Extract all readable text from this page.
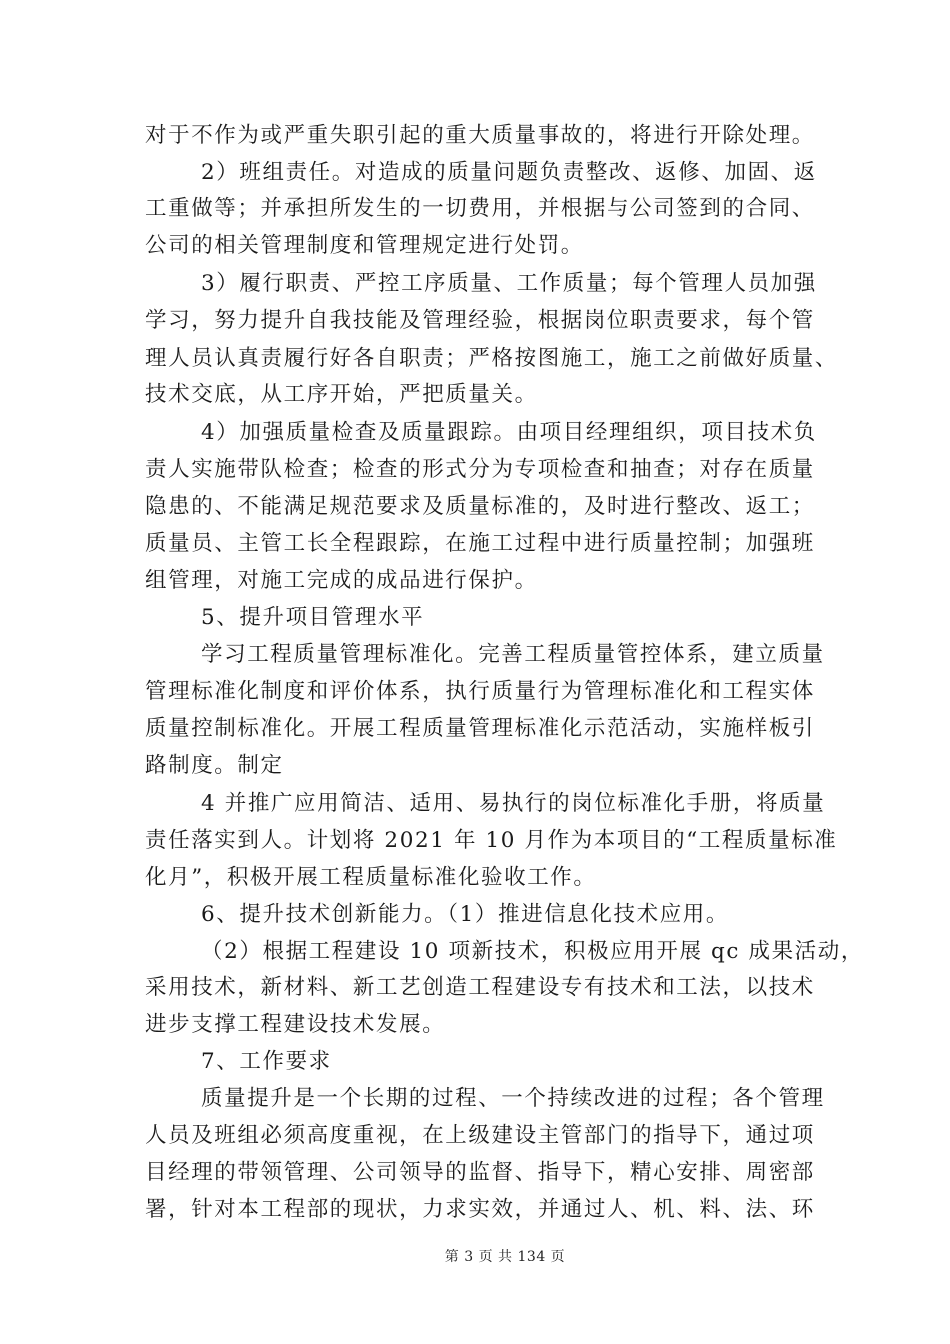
对于不作为或严重失职引起的重大质量事故的，将进行开除处理。
2）班组责任。对造成的质量问题负责整改、返修、加固、返
工重做等；并承担所发生的一切费用，并根据与公司签到的合同、
公司的相关管理制度和管理规定进行处罚。
3）履行职责、严控工序质量、工作质量；每个管理人员加强
学习，努力提升自我技能及管理经验，根据岗位职责要求，每个管
理人员认真责履行好各自职责；严格按图施工，施工之前做好质量、
技术交底，从工序开始，严把质量关。
4）加强质量检查及质量跟踪。由项目经理组织，项目技术负
责人实施带队检查；检查的形式分为专项检查和抽查；对存在质量
隐患的、不能满足规范要求及质量标准的，及时进行整改、返工；
质量员、主管工长全程跟踪，在施工过程中进行质量控制；加强班
组管理，对施工完成的成品进行保护。
5、提升项目管理水平
学习工程质量管理标准化。完善工程质量管控体系，建立质量
管理标准化制度和评价体系，执行质量行为管理标准化和工程实体
质量控制标准化。开展工程质量管理标准化示范活动，实施样板引
路制度。制定
4 并推广应用简洁、适用、易执行的岗位标准化手册，将质量
责任落实到人。计划将 2021 年 10 月作为本项目的“工程质量标准
化月”，积极开展工程质量标准化验收工作。
6、提升技术创新能力。（1）推进信息化技术应用。
（2）根据工程建设 10 项新技术，积极应用开展 qc 成果活动，
采用技术，新材料、新工艺创造工程建设专有技术和工法，以技术
进步支撑工程建设技术发展。
7、工作要求
质量提升是一个长期的过程、一个持续改进的过程；各个管理
人员及班组必须高度重视，在上级建设主管部门的指导下，通过项
目经理的带领管理、公司领导的监督、指导下，精心安排、周密部
署，针对本工程部的现状，力求实效，并通过人、机、料、法、环
第 3 页 共 134 页
